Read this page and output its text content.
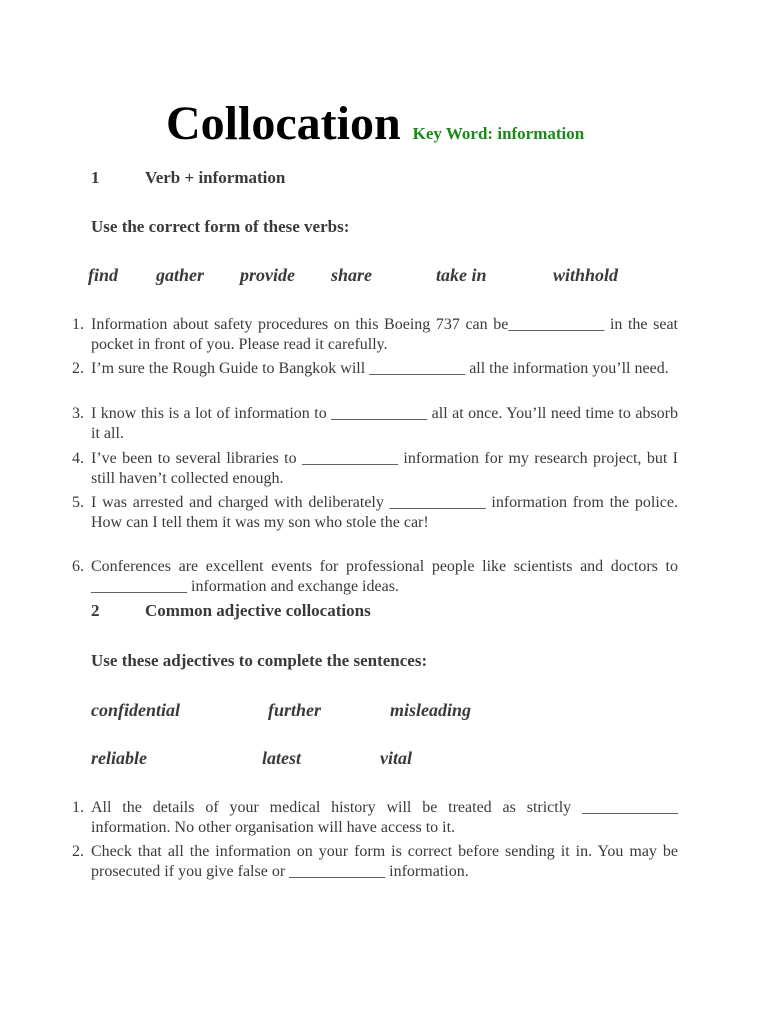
Collocation Key Word: information
1	Verb + information
Use the correct form of these verbs:
find gather provide share	take in	withhold
1. Information about safety procedures on this Boeing 737 can be____________ in the seat pocket in front of you. Please read it carefully.
2. I’m sure the Rough Guide to Bangkok will ____________ all the information you’ll need.
3. I know this is a lot of information to ____________ all at once. You’ll need time to absorb it all.
4. I’ve been to several libraries to ____________ information for my research project, but I still haven’t collected enough.
5. I was arrested and charged with deliberately ____________ information from the police. How can I tell them it was my son who stole the car!
6. Conferences are excellent events for professional people like scientists and doctors to ____________ information and exchange ideas.
2	Common adjective collocations
Use these adjectives to complete the sentences:
confidential	further	misleading
reliable	latest	vital
1. All the details of your medical history will be treated as strictly ____________ information. No other organisation will have access to it.
2. Check that all the information on your form is correct before sending it in. You may be prosecuted if you give false or ____________ information.
